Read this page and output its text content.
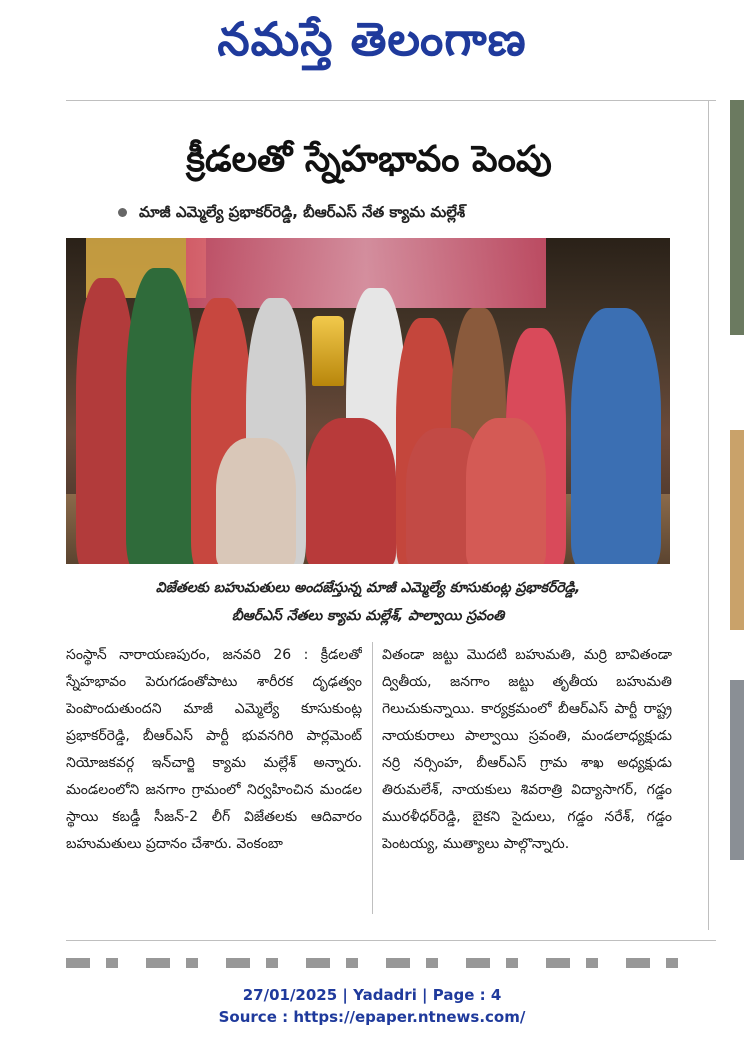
నమస్తే తెలంగాణ
క్రీడలతో స్నేహభావం పెంపు
మాజీ ఎమ్మెల్యే ప్రభాకర్‌రెడ్డి, బీఆర్‌ఎస్ నేత క్యామ మల్లేశ్
విజేతలకు బహుమతులు అందజేస్తున్న మాజీ ఎమ్మెల్యే కూసుకుంట్ల ప్రభాకర్‌రెడ్డి,
బీఆర్‌ఎస్ నేతలు క్యామ మల్లేశ్, పాల్వాయి స్రవంతి
సంస్థాన్ నారాయణపురం, జనవరి 26 : క్రీడలతో స్నేహభావం పెరుగడంతోపాటు శారీరక దృఢత్వం పెంపొందుతుందని మాజీ ఎమ్మెల్యే కూసుకుంట్ల ప్రభాకర్‌రెడ్డి, బీఆర్‌ఎస్ పార్టీ భువనగిరి పార్లమెంట్ నియోజకవర్గ ఇన్‌చార్జి క్యామ మల్లేశ్ అన్నారు. మండలంలోని జనగాం గ్రామంలో నిర్వహించిన మండల స్థాయి కబడ్డీ సీజన్-2 లీగ్ విజేతలకు ఆదివారం బహుమతులు ప్రదానం చేశారు. వెంకంబా
వితండా జట్టు మొదటి బహుమతి, మర్రి బావితండా ద్వితీయ, జనగాం జట్టు తృతీయ బహుమతి గెలుచుకున్నాయి. కార్యక్రమంలో బీఆర్‌ఎస్ పార్టీ రాష్ట్ర నాయకురాలు పాల్వాయి స్రవంతి, మండలాధ్యక్షుడు నర్రి నర్సింహ, బీఆర్‌ఎస్ గ్రామ శాఖ అధ్యక్షుడు తిరుమలేశ్, నాయకులు శివరాత్రి విద్యాసాగర్, గడ్డం మురళీధర్‌రెడ్డి, బైకని సైదులు, గడ్డం నరేశ్, గడ్డం పెంటయ్య, ముత్యాలు పాల్గొన్నారు.
27/01/2025 | Yadadri | Page : 4
Source : https://epaper.ntnews.com/
